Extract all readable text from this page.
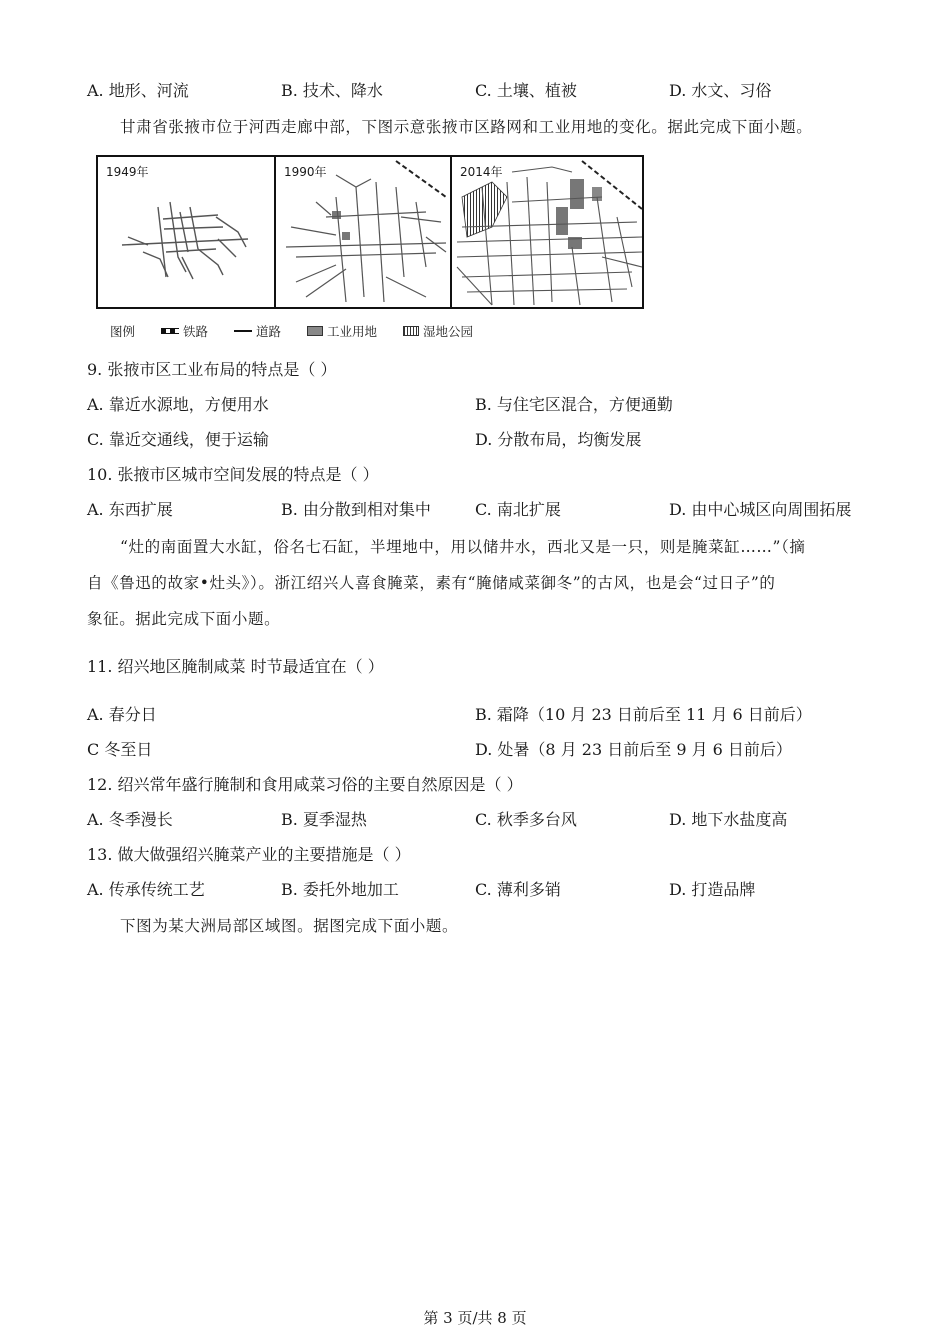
A. 地形、河流	B. 技术、降水	C. 土壤、植被	D. 水文、习俗
甘肃省张掖市位于河西走廊中部，下图示意张掖市区路网和工业用地的变化。据此完成下面小题。
1949年	1990年	2014年
图例	铁路	道路	工业用地	湿地公园
9. 张掖市区工业布局的特点是（ ）
A. 靠近水源地，方便用水	B. 与住宅区混合，方便通勤
C. 靠近交通线，便于运输	D. 分散布局，均衡发展
10. 张掖市区城市空间发展的特点是（ ）
A. 东西扩展	B. 由分散到相对集中	C. 南北扩展	D. 由中心城区向周围拓展
“灶的南面置大水缸，俗名七石缸，半埋地中，用以储井水，西北又是一只，则是腌菜缸……”（摘
自《鲁迅的故家•灶头》）。浙江绍兴人喜食腌菜，素有“腌储咸菜御冬”的古风，也是会“过日子”的
象征。据此完成下面小题。
11. 绍兴地区腌制咸菜 时节最适宜在（ ）
A. 春分日	B. 霜降（10 月 23 日前后至 11 月 6 日前后）
C 冬至日	D. 处暑（8 月 23 日前后至 9 月 6 日前后）
12. 绍兴常年盛行腌制和食用咸菜习俗的主要自然原因是（ ）
A. 冬季漫长	B. 夏季湿热	C. 秋季多台风	D. 地下水盐度高
13. 做大做强绍兴腌菜产业的主要措施是（ ）
A. 传承传统工艺	B. 委托外地加工	C. 薄利多销	D. 打造品牌
下图为某大洲局部区域图。据图完成下面小题。
第 3 页/共 8 页
